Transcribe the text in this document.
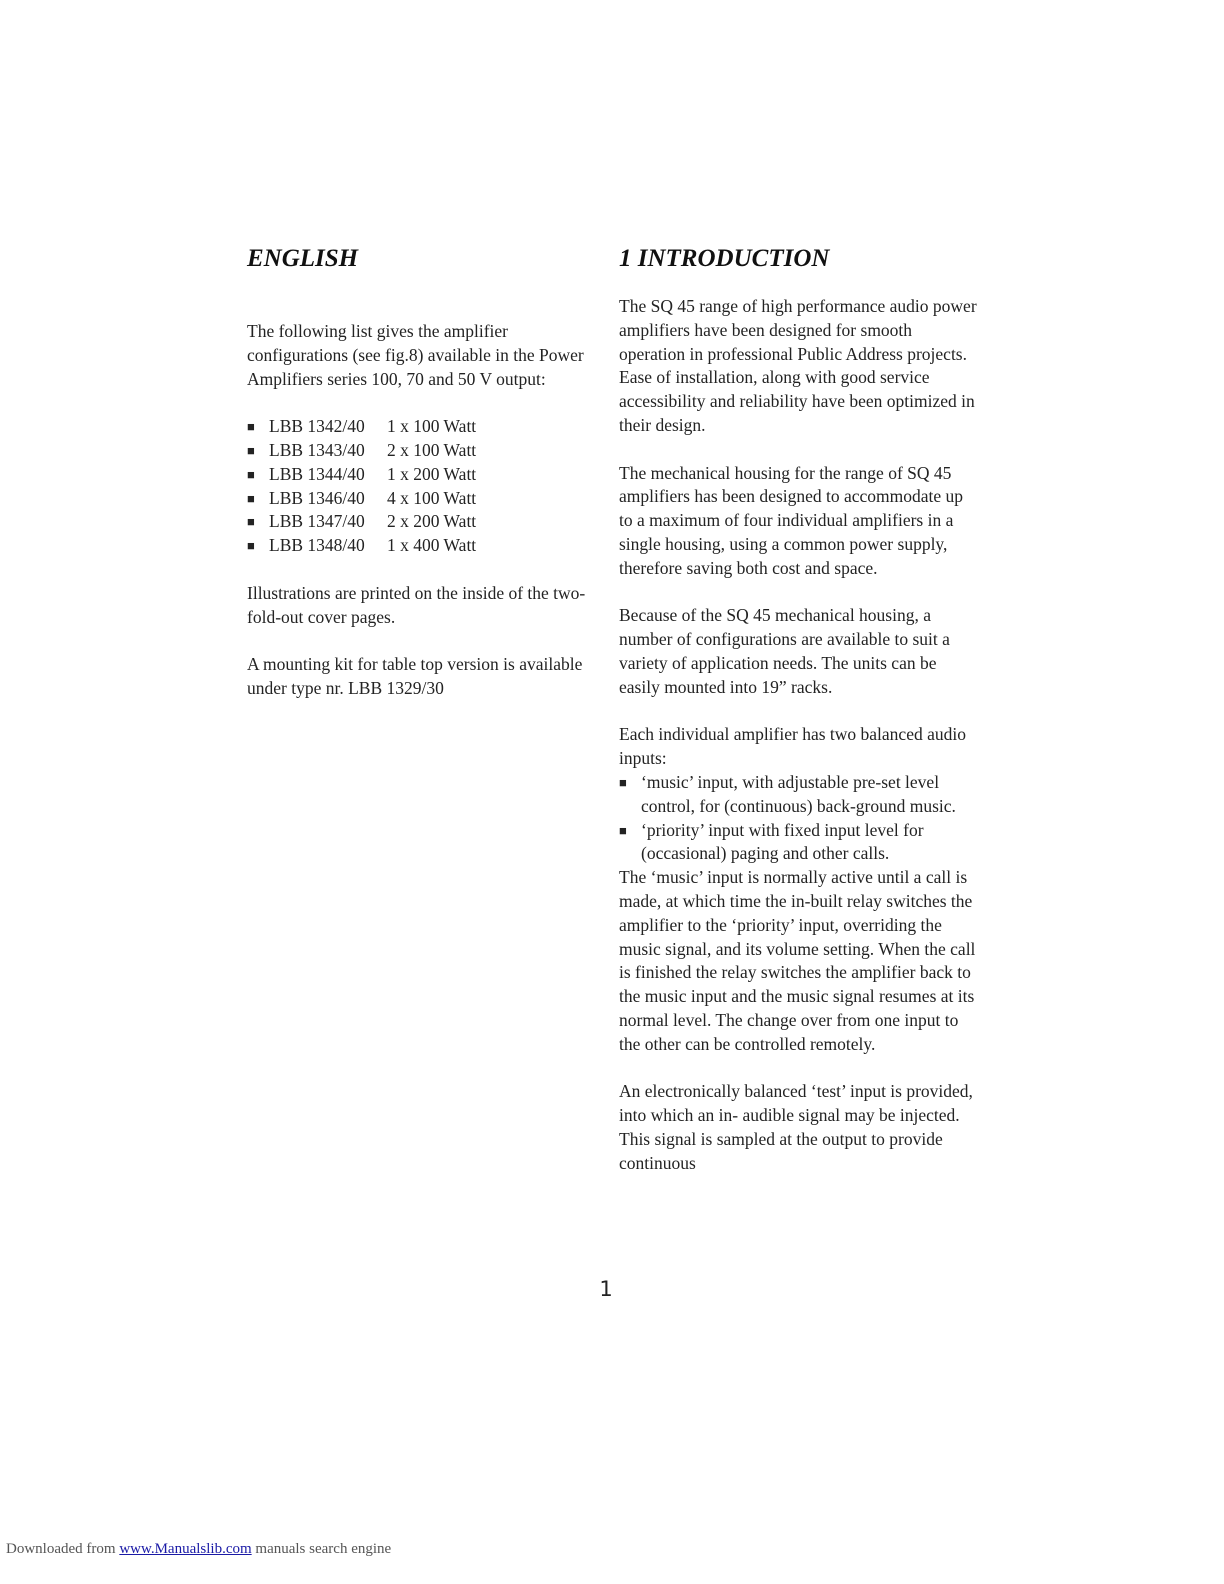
ENGLISH

The following list gives the amplifier configurations (see fig.8) available in the Power Amplifiers series 100, 70 and 50 V output:

■ LBB 1342/40	1 x 100 Watt
■ LBB 1343/40	2 x 100 Watt
■ LBB 1344/40	1 x 200 Watt
■ LBB 1346/40	4 x 100 Watt
■ LBB 1347/40	2 x 200 Watt
■ LBB 1348/40	1 x 400 Watt

Illustrations are printed on the inside of the two-fold-out cover pages.

A mounting kit for table top version is available under type nr. LBB 1329/30

1 INTRODUCTION

The SQ 45 range of high performance audio power amplifiers have been designed for smooth operation in professional Public Address projects. Ease of installation, along with good service accessibility and reliability have been optimized in their design.

The mechanical housing for the range of SQ 45 amplifiers has been designed to accommodate up to a maximum of four individual amplifiers in a single housing, using a common power supply, therefore saving both cost and space.

Because of the SQ 45 mechanical housing, a number of configurations are available to suit a variety of application needs. The units can be easily mounted into 19” racks.

Each individual amplifier has two balanced audio inputs:

■ ‘music’ input, with adjustable pre-set level control, for (continuous) back-ground music.
■ ‘priority’ input with fixed input level for (occasional) paging and other calls.

The ‘music’ input is normally active until a call is made, at which time the in-built relay switches the amplifier to the ‘priority’ input, overriding the music signal, and its volume setting. When the call is finished the relay switches the amplifier back to the music input and the music signal resumes at its normal level. The change over from one input to the other can be controlled remotely.

An electronically balanced ‘test’ input is provided, into which an in- audible signal may be injected. This signal is sampled at the output to provide continuous

1
Downloaded from www.Manualslib.com manuals search engine
